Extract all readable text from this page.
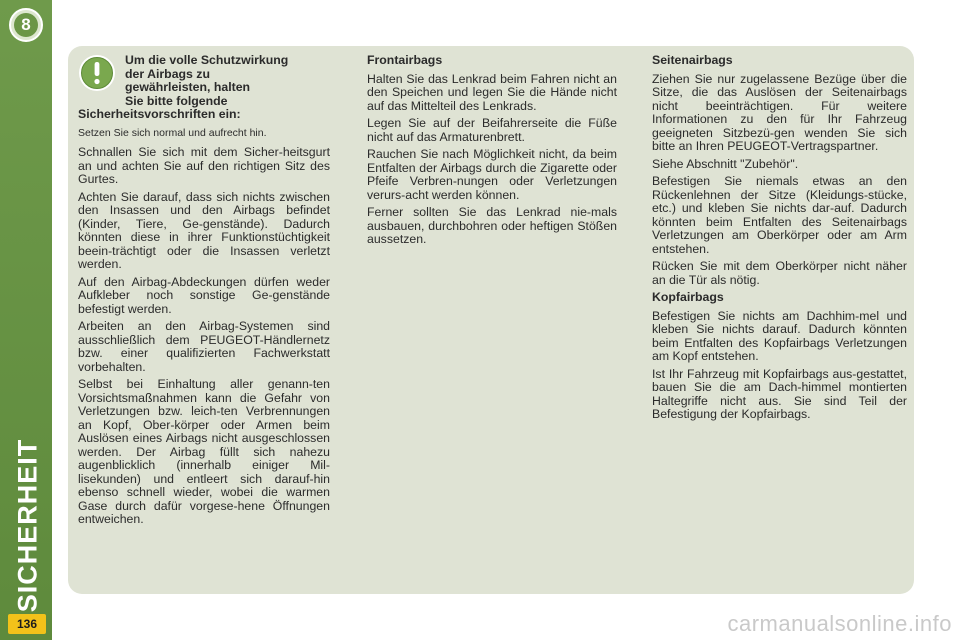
8
SICHERHEIT
136
Um die volle Schutzwirkung
der Airbags zu
gewährleisten, halten
Sie bitte folgende
Sicherheitsvorschriften ein:

Setzen Sie sich normal und aufrecht hin.

Schnallen Sie sich mit dem Sicher-heitsgurt an und achten Sie auf den richtigen Sitz des Gurtes.

Achten Sie darauf, dass sich nichts zwischen den Insassen und den Airbags befindet (Kinder, Tiere, Ge-genstände). Dadurch könnten diese in ihrer Funktionstüchtigkeit beein-trächtigt oder die Insassen verletzt werden.

Auf den Airbag-Abdeckungen dürfen weder Aufkleber noch sonstige Ge-genstände befestigt werden.

Arbeiten an den Airbag-Systemen sind ausschließlich dem PEUGEOT-Händlernetz bzw. einer qualifizierten Fachwerkstatt vorbehalten.

Selbst bei Einhaltung aller genann-ten Vorsichtsmaßnahmen kann die Gefahr von Verletzungen bzw. leich-ten Verbrennungen an Kopf, Ober-körper oder Armen beim Auslösen eines Airbags nicht ausgeschlossen werden. Der Airbag füllt sich nahezu augenblicklich (innerhalb einiger Mil-lisekunden) und entleert sich darauf-hin ebenso schnell wieder, wobei die warmen Gase durch dafür vorgese-hene Öffnungen entweichen.

Frontairbags

Halten Sie das Lenkrad beim Fahren nicht an den Speichen und legen Sie die Hände nicht auf das Mittelteil des Lenkrads.

Legen Sie auf der Beifahrerseite die Füße nicht auf das Armaturenbrett.

Rauchen Sie nach Möglichkeit nicht, da beim Entfalten der Airbags durch die Zigarette oder Pfeife Verbren-nungen oder Verletzungen verurs-acht werden können.

Ferner sollten Sie das Lenkrad nie-mals ausbauen, durchbohren oder heftigen Stößen aussetzen.

Seitenairbags

Ziehen Sie nur zugelassene Bezüge über die Sitze, die das Auslösen der Seitenairbags nicht beeinträchtigen. Für weitere Informationen zu den für Ihr Fahrzeug geeigneten Sitzbezü-gen wenden Sie sich bitte an Ihren PEUGEOT-Vertragspartner.

Siehe Abschnitt "Zubehör".

Befestigen Sie niemals etwas an den Rückenlehnen der Sitze (Kleidungs-stücke, etc.) und kleben Sie nichts dar-auf. Dadurch könnten beim Entfalten des Seitenairbags Verletzungen am Oberkörper oder am Arm entstehen.

Rücken Sie mit dem Oberkörper nicht näher an die Tür als nötig.

Kopfairbags

Befestigen Sie nichts am Dachhim-mel und kleben Sie nichts darauf. Dadurch könnten beim Entfalten des Kopfairbags Verletzungen am Kopf entstehen.

Ist Ihr Fahrzeug mit Kopfairbags aus-gestattet, bauen Sie die am Dach-himmel montierten Haltegriffe nicht aus. Sie sind Teil der Befestigung der Kopfairbags.

carmanualsonline.info
